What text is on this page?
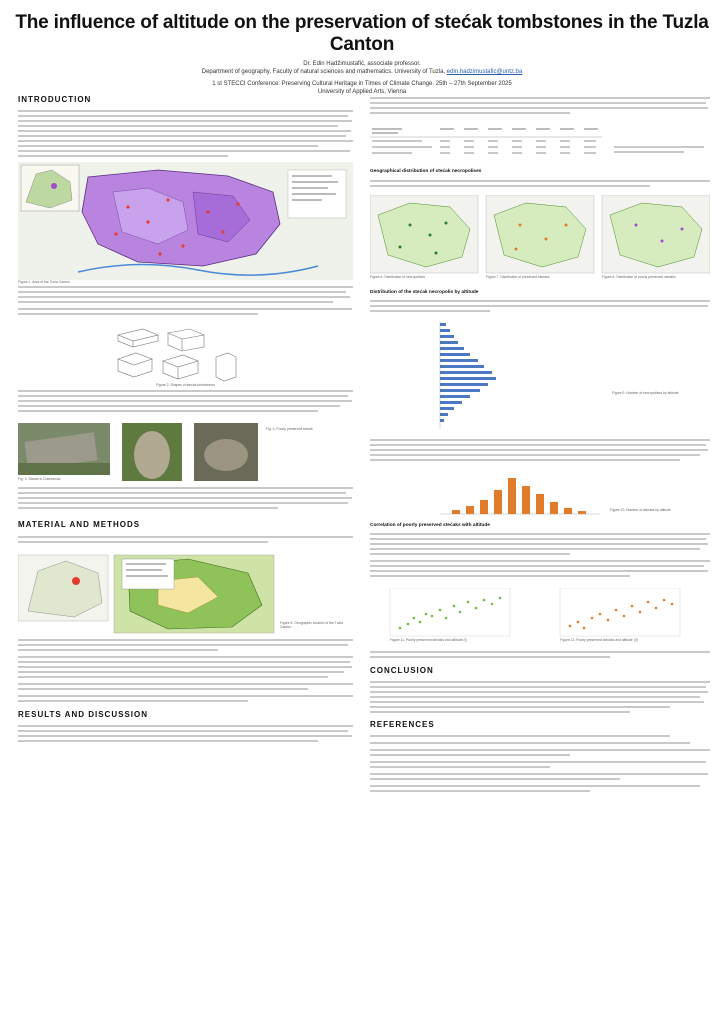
The influence of altitude on the preservation of stećak tombstones in the Tuzla Canton
Dr. Edin Hadžimustafić, associate professor.
Department of geography, Faculty of natural sciences and mathematics, University of Tuzla, edin.hadzimustafic@untz.ba
1 st STECCI Conference: Preserving Cultural Heritage in Times of Climate Change. 25th – 27th September 2025
University of Applied Arts, Vienna
INTRODUCTION
Figure 1. Area of the Tuzla Canton
Figure 2. Shapes of stećak tombstones
Fig. 3. Stećak in Dubravnica
Fig. 4. Poorly preserved stećak
MATERIAL AND METHODS
Figure 5. Geographic location of the Tuzla Canton
RESULTS AND DISCUSSION
Geographical distribution of stećak necropolises
Figure 6. Distribution of necropolises	Figure 7. Distribution of preserved stećaks	Figure 8. Distribution of poorly preserved stećaks
Distribution of the stećak necropolis by altitude
Figure 9. Number of necropolises by altitude
Figure 10. Number of stećaks by altitude
Correlation of poorly preserved stećaks with altitude
Figure 11. Poorly preserved stećaks and altitude (I)	Figure 12. Poorly preserved stećaks and altitude (II)
CONCLUSION
REFERENCES
